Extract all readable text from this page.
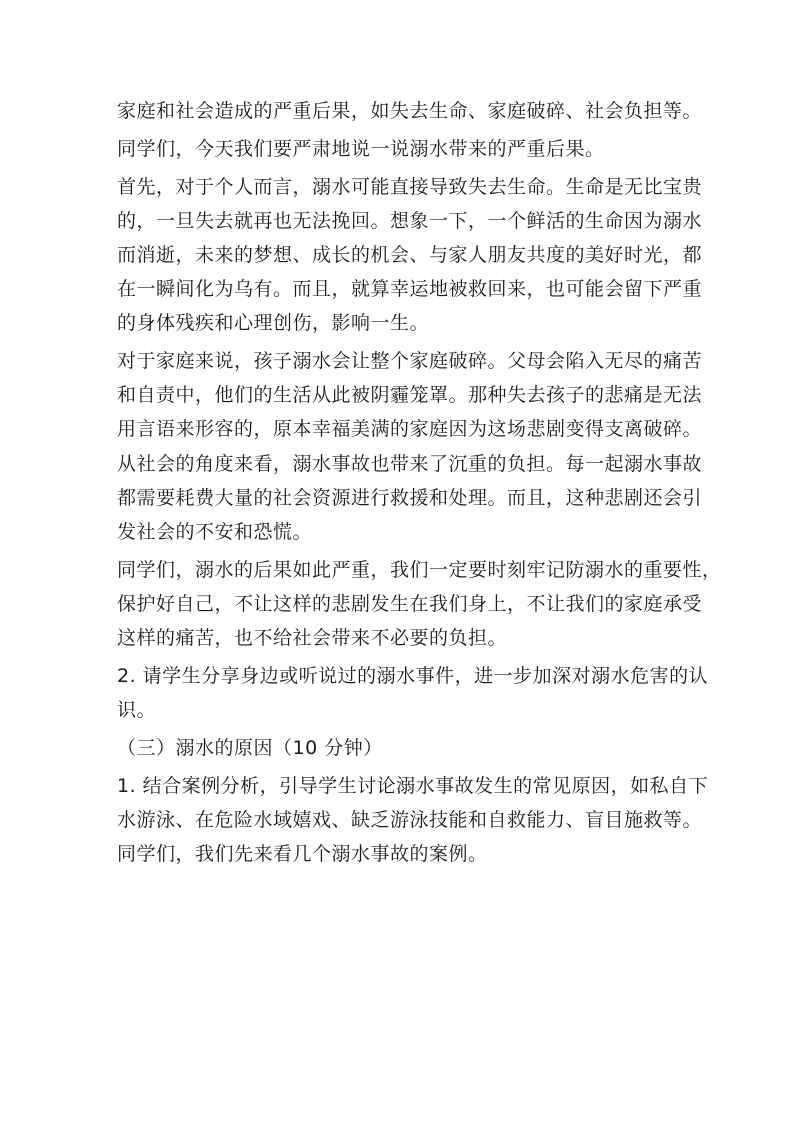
家庭和社会造成的严重后果，如失去生命、家庭破碎、社会负担等。

同学们，今天我们要严肃地说一说溺水带来的严重后果。

首先，对于个人而言，溺水可能直接导致失去生命。生命是无比宝贵

的，一旦失去就再也无法挽回。想象一下，一个鲜活的生命因为溺水

而消逝，未来的梦想、成长的机会、与家人朋友共度的美好时光，都

在一瞬间化为乌有。而且，就算幸运地被救回来，也可能会留下严重

的身体残疾和心理创伤，影响一生。

对于家庭来说，孩子溺水会让整个家庭破碎。父母会陷入无尽的痛苦

和自责中，他们的生活从此被阴霾笼罩。那种失去孩子的悲痛是无法

用言语来形容的，原本幸福美满的家庭因为这场悲剧变得支离破碎。

从社会的角度来看，溺水事故也带来了沉重的负担。每一起溺水事故

都需要耗费大量的社会资源进行救援和处理。而且，这种悲剧还会引

发社会的不安和恐慌。

同学们，溺水的后果如此严重，我们一定要时刻牢记防溺水的重要性，

保护好自己，不让这样的悲剧发生在我们身上，不让我们的家庭承受

这样的痛苦，也不给社会带来不必要的负担。

2. 请学生分享身边或听说过的溺水事件，进一步加深对溺水危害的认

识。

（三）溺水的原因（10 分钟）

1. 结合案例分析，引导学生讨论溺水事故发生的常见原因，如私自下

水游泳、在危险水域嬉戏、缺乏游泳技能和自救能力、盲目施救等。

同学们，我们先来看几个溺水事故的案例。
